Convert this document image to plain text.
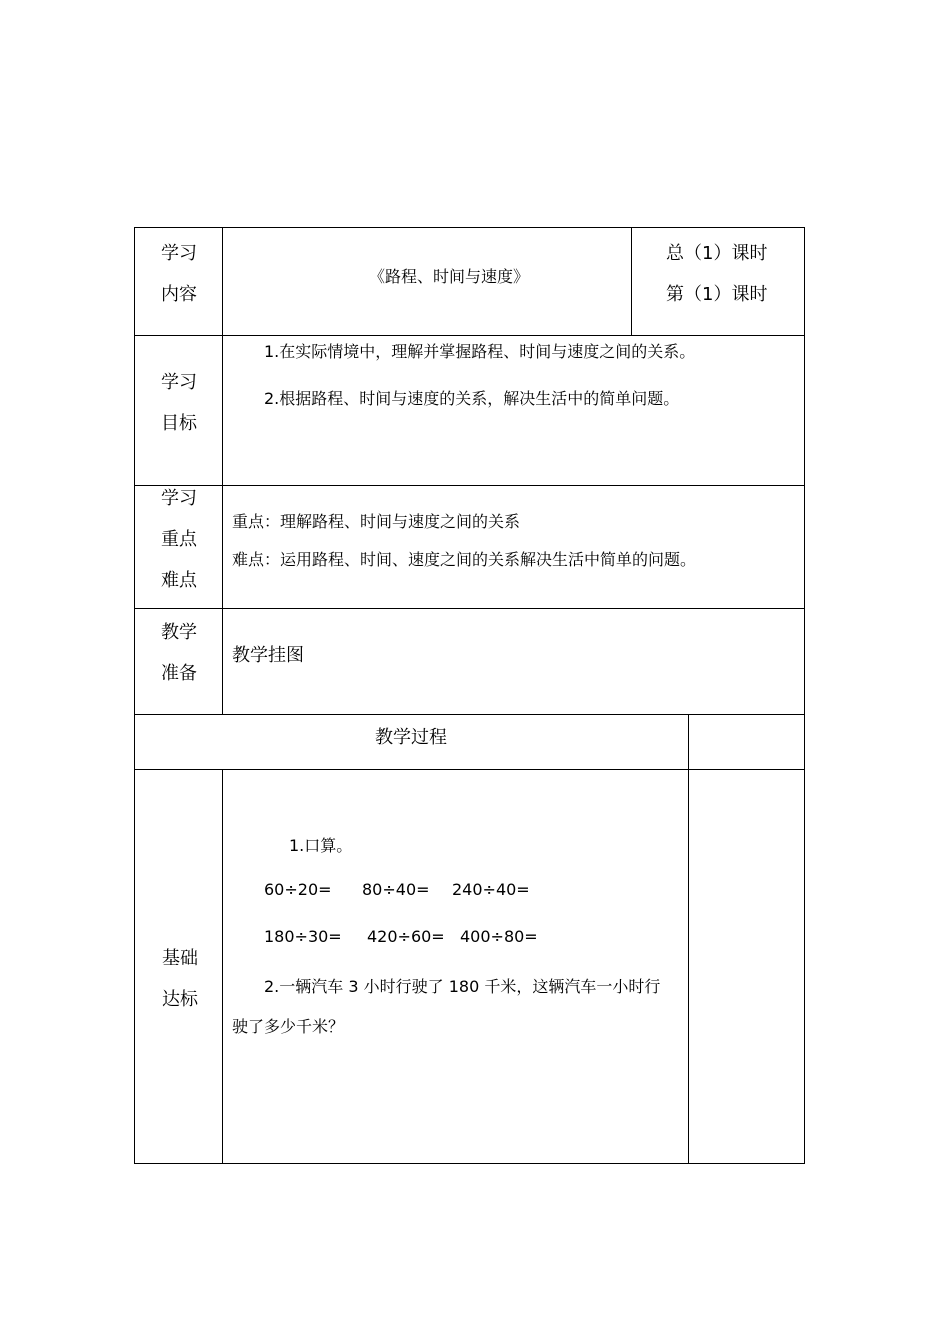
学习
内容
《路程、时间与速度》
总（1）课时
第（1）课时
学习
目标
1.在实际情境中，理解并掌握路程、时间与速度之间的关系。
2.根据路程、时间与速度的关系，解决生活中的简单问题。
学习
重点
难点
重点：理解路程、时间与速度之间的关系
难点：运用路程、时间、速度之间的关系解决生活中简单的问题。
教学
准备
教学挂图
教学过程
基础
达标
1.口算。
60÷20= 80÷40= 240÷40=
180÷30= 420÷60= 400÷80=
2.一辆汽车 3 小时行驶了 180 千米，这辆汽车一小时行
驶了多少千米？
